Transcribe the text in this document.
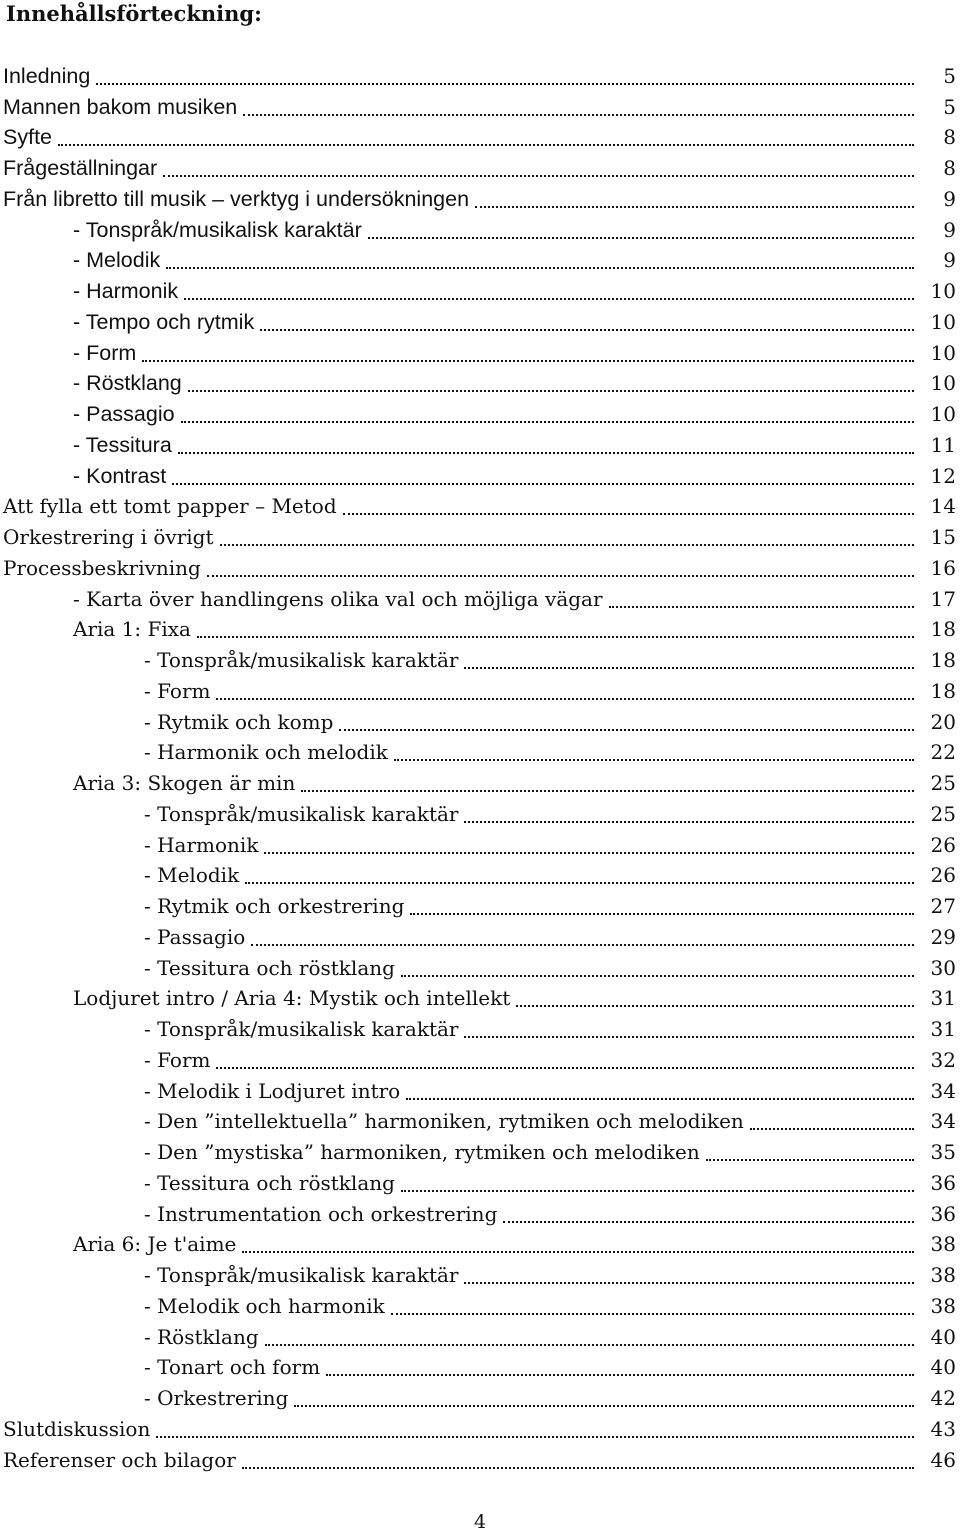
Innehållsförteckning:
Inledning	5
Mannen bakom musiken	5
Syfte	8
Frågeställningar	8
Från libretto till musik – verktyg i undersökningen	9
- Tonspråk/musikalisk karaktär	9
- Melodik	9
- Harmonik	10
- Tempo och rytmik	10
- Form	10
- Röstklang	10
- Passagio	10
- Tessitura	11
- Kontrast	12
Att fylla ett tomt papper – Metod	14
Orkestrering i övrigt	15
Processbeskrivning	16
- Karta över handlingens olika val och möjliga vägar	17
Aria 1: Fixa	18
- Tonspråk/musikalisk karaktär	18
- Form	18
- Rytmik och komp	20
- Harmonik och melodik	22
Aria 3: Skogen är min	25
- Tonspråk/musikalisk karaktär	25
- Harmonik	26
- Melodik	26
- Rytmik och orkestrering	27
- Passagio	29
- Tessitura och röstklang	30
Lodjuret intro / Aria 4: Mystik och intellekt	31
- Tonspråk/musikalisk karaktär	31
- Form	32
- Melodik i Lodjuret intro	34
- Den ”intellektuella” harmoniken, rytmiken och melodiken	34
- Den ”mystiska” harmoniken, rytmiken och melodiken	35
- Tessitura och röstklang	36
- Instrumentation och orkestrering	36
Aria 6: Je t'aime	38
- Tonspråk/musikalisk karaktär	38
- Melodik och harmonik	38
- Röstklang	40
- Tonart och form	40
- Orkestrering	42
Slutdiskussion	43
Referenser och bilagor	46
4
